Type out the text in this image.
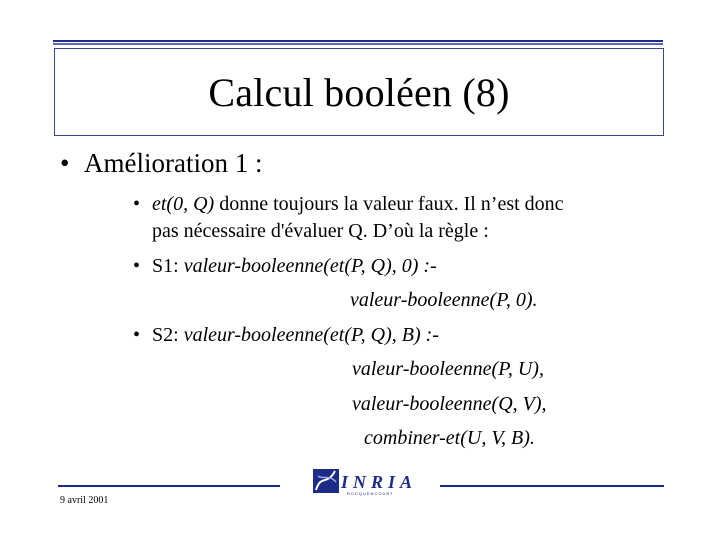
Calcul booléen (8)
• Amélioration 1 :
• et(0, Q) donne toujours la valeur faux. Il n’est donc
pas nécessaire d'évaluer Q. D’où la règle :
• S1: valeur-booleenne(et(P, Q), 0) :-
valeur-booleenne(P, 0).
• S2: valeur-booleenne(et(P, Q), B) :-
valeur-booleenne(P, U),
valeur-booleenne(Q, V),
combiner-et(U, V, B).
INRIA
ROCQUENCOURT
9 avril 2001
